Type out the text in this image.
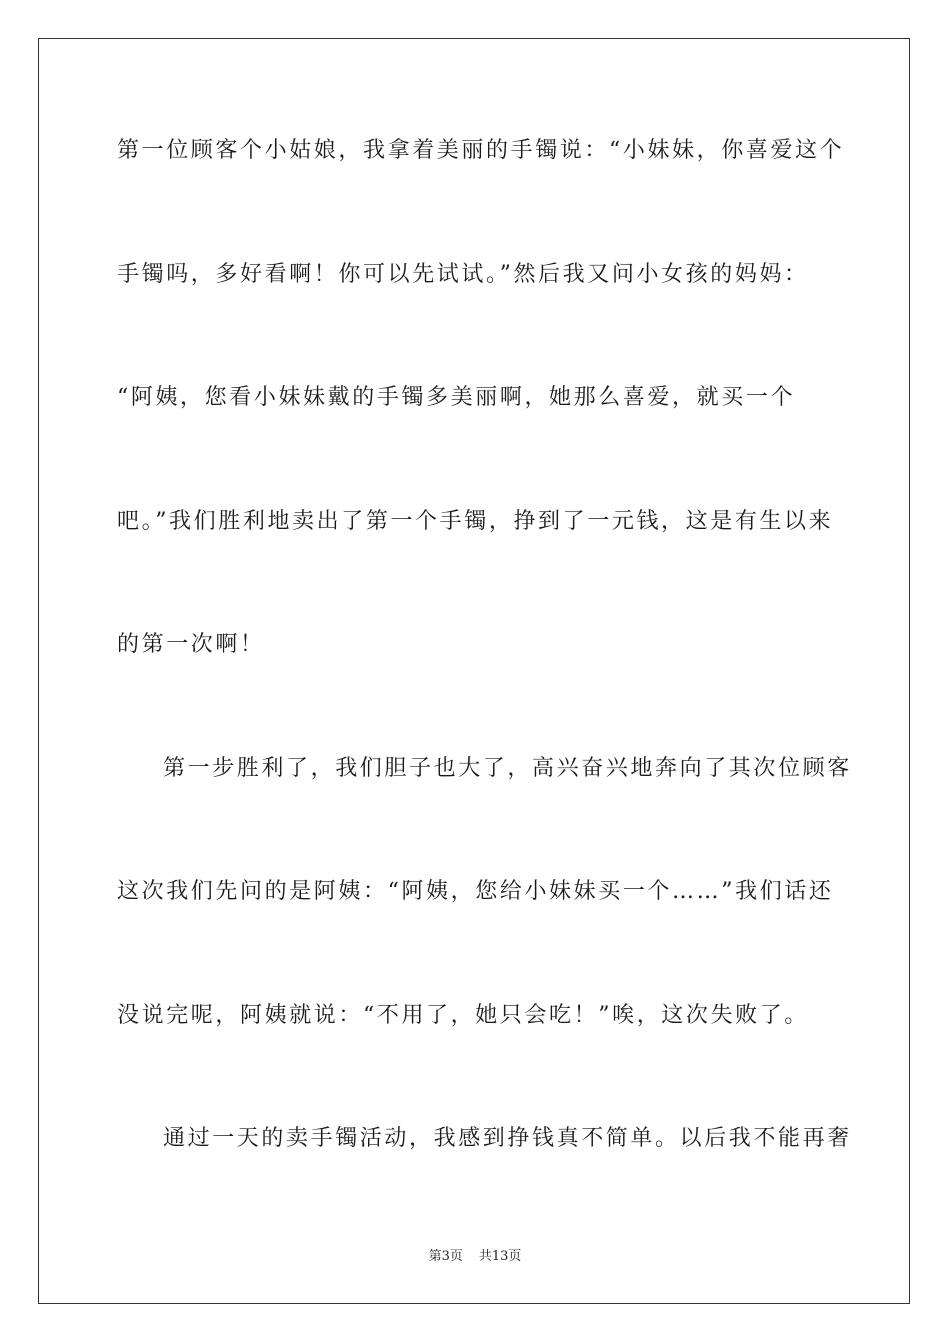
第一位顾客个小姑娘，我拿着美丽的手镯说：“小妹妹，你喜爱这个
手镯吗，多好看啊！你可以先试试。”然后我又问小女孩的妈妈：
“阿姨，您看小妹妹戴的手镯多美丽啊，她那么喜爱，就买一个
吧。”我们胜利地卖出了第一个手镯，挣到了一元钱，这是有生以来
的第一次啊！
第一步胜利了，我们胆子也大了，高兴奋兴地奔向了其次位顾客
这次我们先问的是阿姨：“阿姨，您给小妹妹买一个……”我们话还
没说完呢，阿姨就说：“不用了，她只会吃！”唉，这次失败了。
通过一天的卖手镯活动，我感到挣钱真不简单。以后我不能再奢
第3页 共13页
